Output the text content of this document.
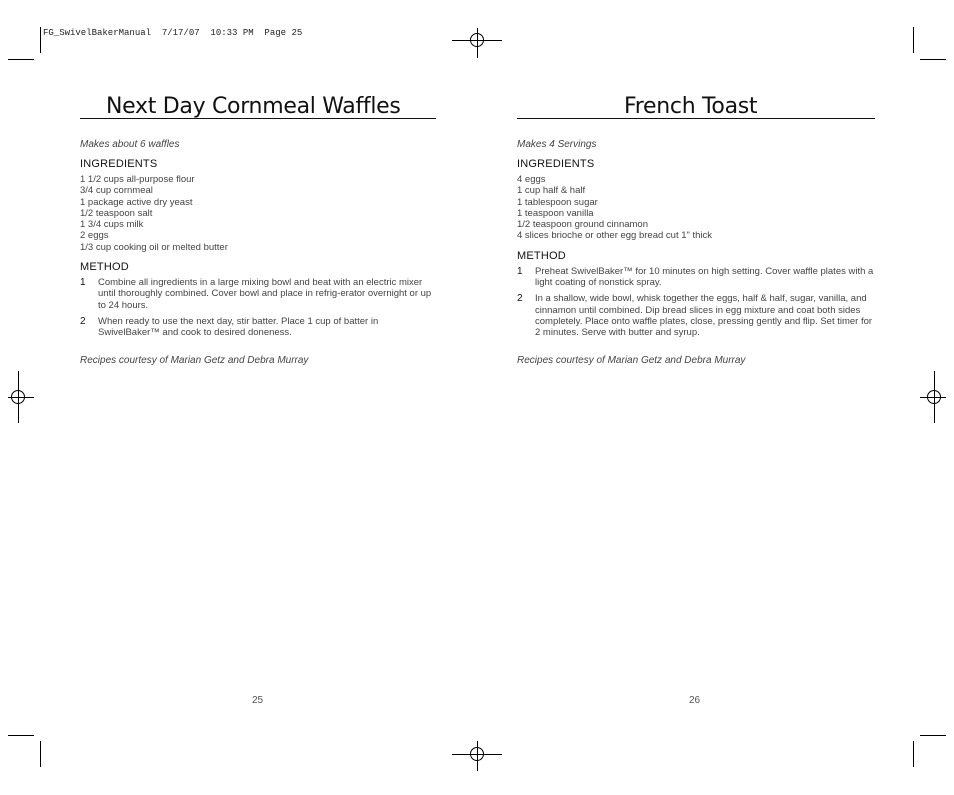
FG_SwivelBakerManual  7/17/07  10:33 PM  Page 25
Next Day Cornmeal Waffles
Makes about 6 waffles
INGREDIENTS
1 1/2 cups all-purpose flour
3/4 cup cornmeal
1 package active dry yeast
1/2 teaspoon salt
1 3/4 cups milk
2 eggs
1/3 cup cooking oil or melted butter
METHOD
1	Combine all ingredients in a large mixing bowl and beat with an electric mixer until thoroughly combined. Cover bowl and place in refrig-erator overnight or up to 24 hours.
2	When ready to use the next day, stir batter. Place 1 cup of batter in SwivelBaker™ and cook to desired doneness.
Recipes courtesy of Marian Getz and Debra Murray
25
French Toast
Makes 4 Servings
INGREDIENTS
4 eggs
1 cup half & half
1 tablespoon sugar
1 teaspoon vanilla
1/2 teaspoon ground cinnamon
4 slices brioche or other egg bread cut 1" thick
METHOD
1	Preheat SwivelBaker™ for 10 minutes on high setting. Cover waffle plates with a light coating of nonstick spray.
2	In a shallow, wide bowl, whisk together the eggs, half & half, sugar, vanilla, and cinnamon until combined. Dip bread slices in egg mixture and coat both sides completely. Place onto waffle plates, close, pressing gently and flip. Set timer for 2 minutes. Serve with butter and syrup.
Recipes courtesy of Marian Getz and Debra Murray
26
